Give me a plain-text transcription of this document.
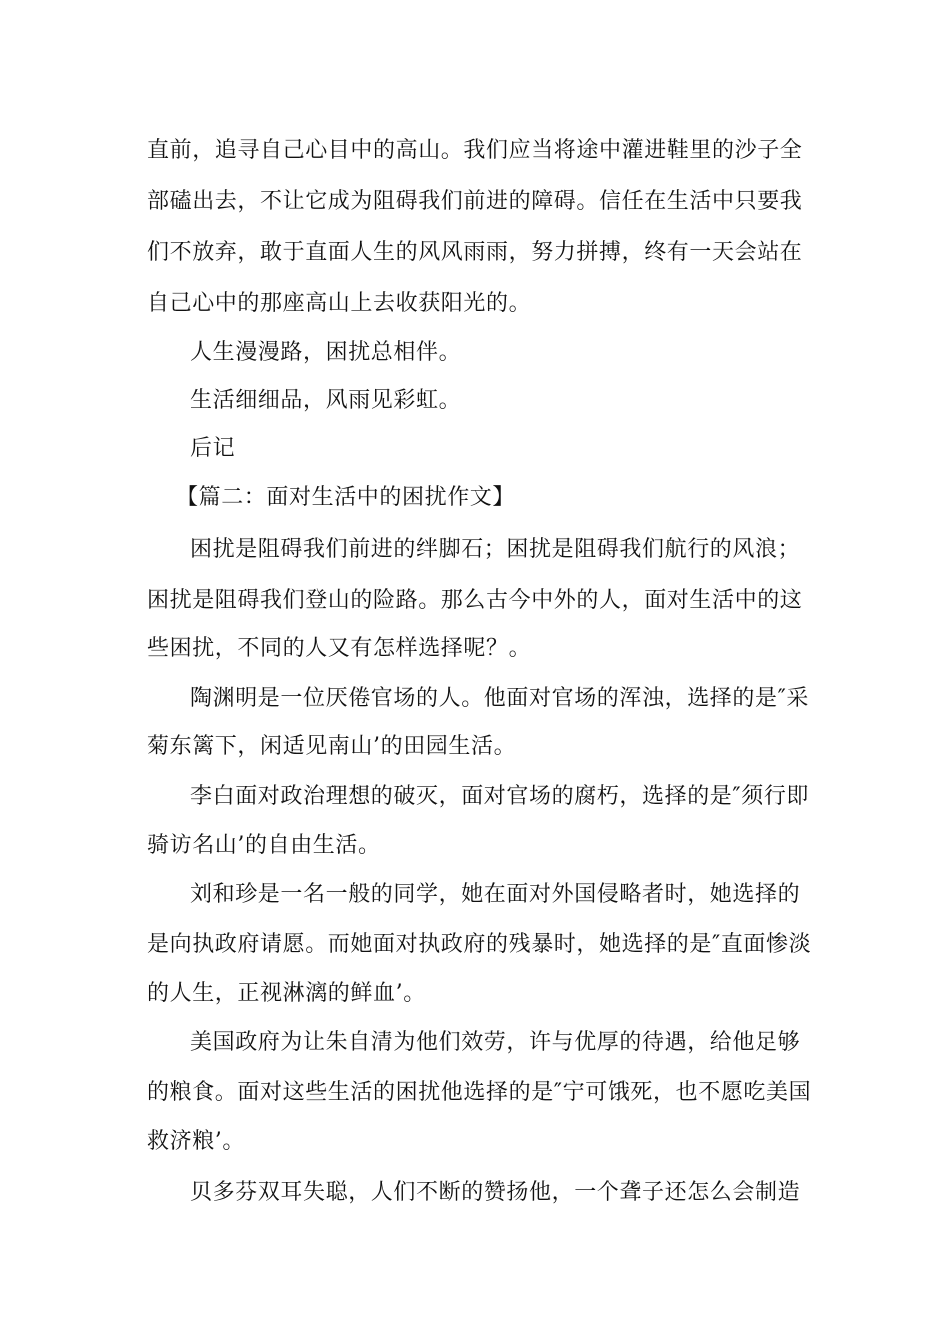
直前，追寻自己心目中的高山。我们应当将途中灌进鞋里的沙子全
部磕出去，不让它成为阻碍我们前进的障碍。信任在生活中只要我
们不放弃，敢于直面人生的风风雨雨，努力拼搏，终有一天会站在
自己心中的那座高山上去收获阳光的。
人生漫漫路，困扰总相伴。
生活细细品，风雨见彩虹。
后记
【篇二：面对生活中的困扰作文】
困扰是阻碍我们前进的绊脚石；困扰是阻碍我们航行的风浪；
困扰是阻碍我们登山的险路。那么古今中外的人，面对生活中的这
些困扰，不同的人又有怎样选择呢？。
陶渊明是一位厌倦官场的人。他面对官场的浑浊，选择的是″采
菊东篱下，闲适见南山’的田园生活。
李白面对政治理想的破灭，面对官场的腐朽，选择的是″须行即
骑访名山’的自由生活。
刘和珍是一名一般的同学，她在面对外国侵略者时，她选择的
是向执政府请愿。而她面对执政府的残暴时，她选择的是″直面惨淡
的人生，正视淋漓的鲜血’。
美国政府为让朱自清为他们效劳，许与优厚的待遇，给他足够
的粮食。面对这些生活的困扰他选择的是″宁可饿死，也不愿吃美国
救济粮’。
贝多芬双耳失聪，人们不断的赞扬他，一个聋子还怎么会制造
